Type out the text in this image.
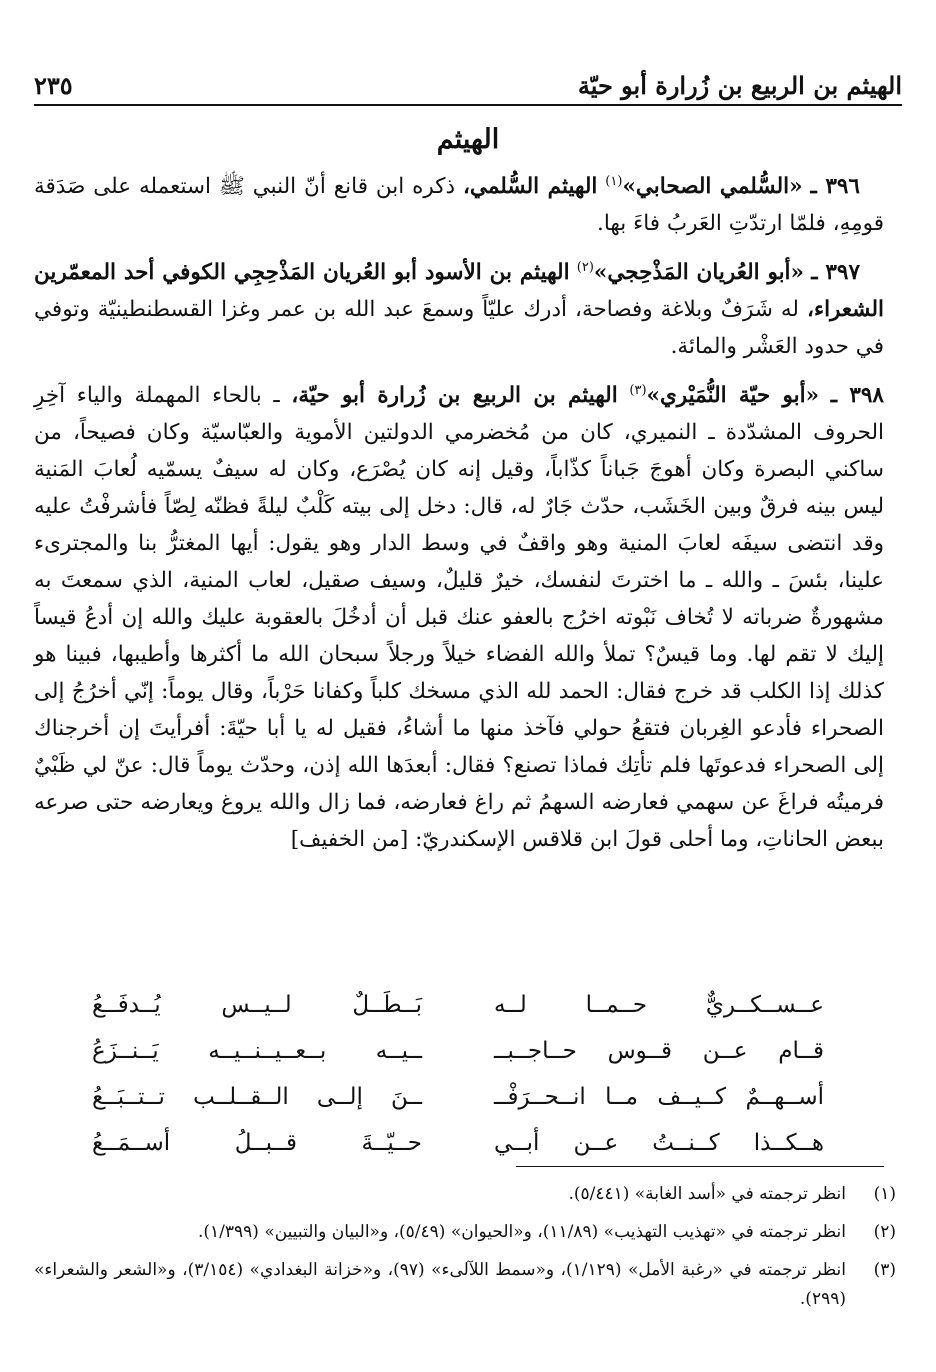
الهيثم بن الربيع بن زُرارة أبو حيّة
٢٣٥
الهيثم

٣٩٦ ـ «السُّلمي الصحابي»$^{(١)}$ الهيثم السُّلمي، ذكره ابن قانع أنّ النبي ﷺ استعمله على صَدَقة قومِهِ، فلمّا ارتدّتِ العَربُ فاءَ بها.

٣٩٧ ـ «أبو العُريان المَذْحِجي»$^{(٢)}$ الهيثم بن الأسود أبو العُريان المَذْحِجِي الكوفي أحد المعمّرين الشعراء، له شَرَفٌ وبلاغة وفصاحة، أدرك عليّاً وسمعَ عبد الله بن عمر وغزا القسطنطينيّة وتوفي في حدود العَشْر والمائة.

٣٩٨ ـ «أبو حيّة النُّمَيْري»$^{(٣)}$ الهيثم بن الربيع بن زُرارة أبو حيّة، ـ بالحاء المهملة والياء آخِرِ الحروف المشدّدة ـ النميري، كان من مُخضرمي الدولتين الأموية والعبّاسيّة وكان فصيحاً، من ساكني البصرة وكان أهوجَ جَباناً كذّاباً، وقيل إنه كان يُصْرَع، وكان له سيفٌ يسمّيه لُعابَ المَنية ليس بينه فرقٌ وبين الخَشَب، حدّث جَارٌ له، قال: دخل إلى بيته كَلْبٌ ليلةً فظنّه لِصّاً فأشرفْتُ عليه وقد انتضى سيفَه لعابَ المنية وهو واقفٌ في وسط الدار وهو يقول: أيها المغترُّ بنا والمجترىء علينا، بئسَ ـ والله ـ ما اخترتَ لنفسك، خيرٌ قليلٌ، وسيف صقيل، لعاب المنية، الذي سمعتَ به مشهورةٌ ضرباته لا تُخاف نَبْوته اخرُج بالعفو عنك قبل أن أدخُلَ بالعقوبة عليك والله إن أدعُ قيساً إليك لا تقم لها. وما قيسٌ؟ تملأ والله الفضاء خيلاً ورجلاً سبحان الله ما أكثرها وأطيبها، فبينا هو كذلك إذا الكلب قد خرج فقال: الحمد لله الذي مسخك كلباً وكفانا حَرْباً، وقال يوماً: إنّي أخرُجُ إلى الصحراء فأدعو الغِربان فتقعُ حولي فآخذ منها ما أشاءُ، فقيل له يا أبا حيّةَ: أفرأيتَ إن أخرجناك إلى الصحراء فدعوتَها فلم تأتِك فماذا تصنع؟ فقال: أبعدَها الله إذن، وحدّث يوماً قال: عنّ لي ظَبْيٌ فرميتُه فراغَ عن سهمي فعارضه السهمُ ثم راغ فعارضه، فما زال والله يروغ ويعارضه حتى صرعه ببعض الحاناتِ، وما أحلى قولَ ابن قلاقس الإسكندريّ: [من الخفيف]

عــســكــريٌّ حــمــا لــه
بَــطَــلٌ لــيــس يُــدفَــعُ
قــام عــن قــوس حــاجــبــ
ــيــه بــعــيــنــيــه يَــنــزَعُ
أســهــمٌ كــيــف مــا انــحــرَفْــ
ــنَ إلــى الــقــلــب تــتــبَــعُ
هــكــذا كــنــتُ عــن أبــي
حــيّــةَ قــبــلُ أســمَــعُ
(١)
انظر ترجمته في «أسد الغابة» (٥/٤٤١).
(٢)
انظر ترجمته في «تهذيب التهذيب» (١١/٨٩)، و«الحيوان» (٥/٤٩)، و«البيان والتبيين» (١/٣٩٩).
(٣)
انظر ترجمته في «رغبة الأمل» (١/١٢٩)، و«سمط اللآلىء» (٩٧)، و«خزانة البغدادي» (٣/١٥٤)، و«الشعر والشعراء» (٢٩٩).
